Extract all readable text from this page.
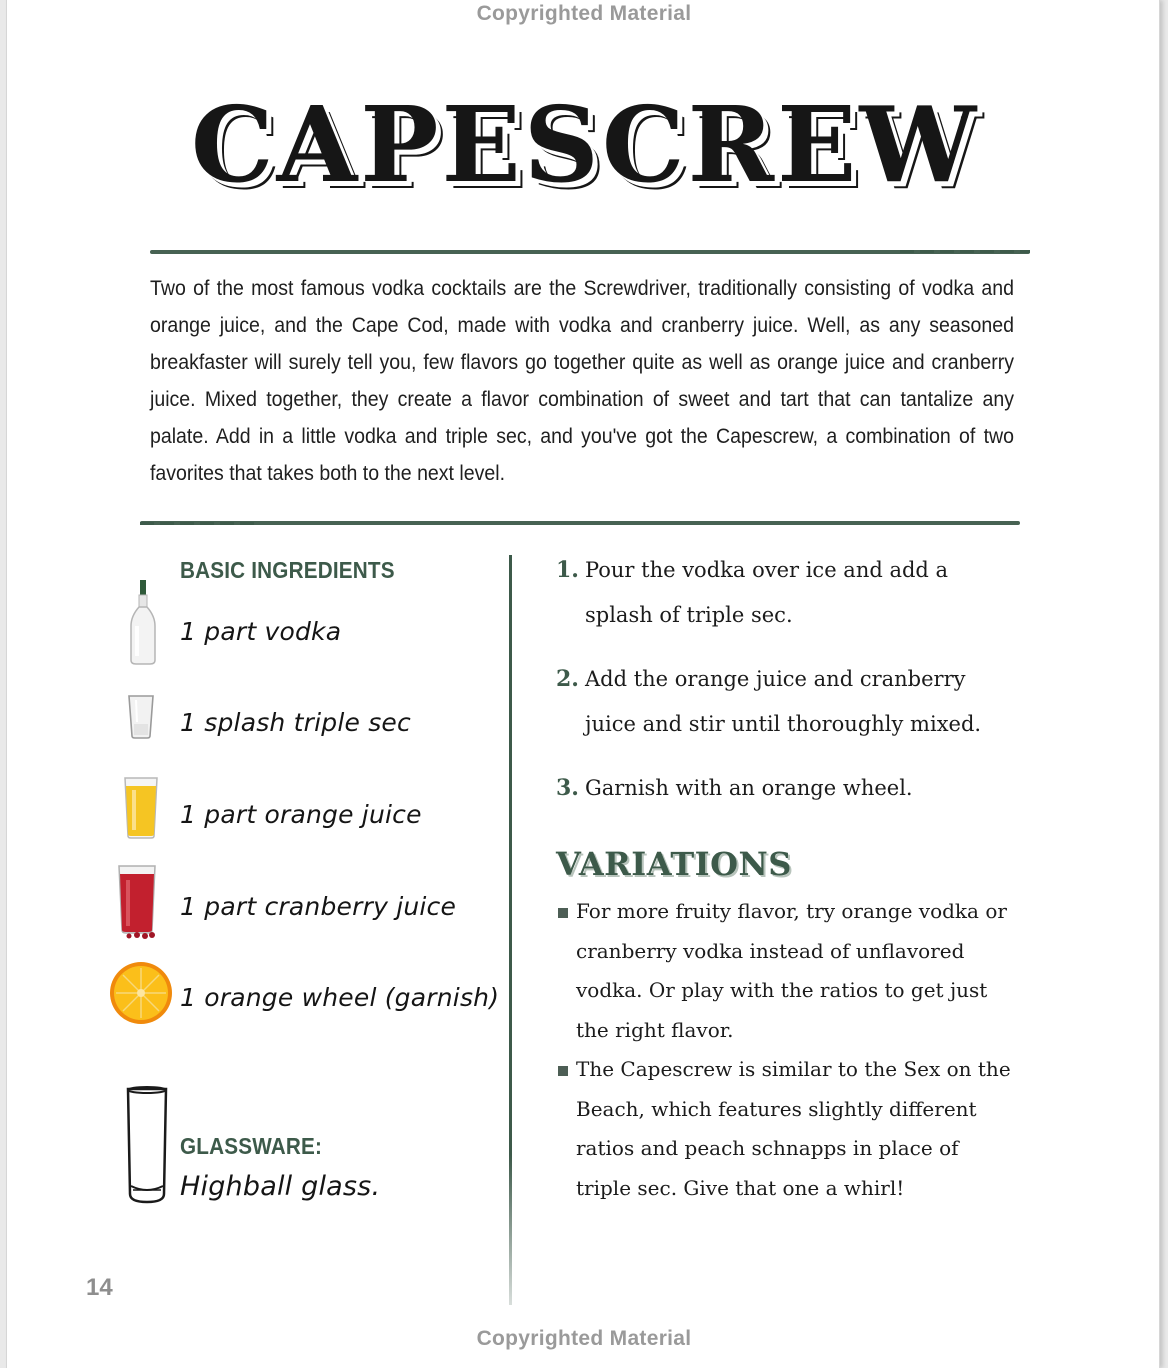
Copyrighted Material
CAPESCREW

Two of the most famous vodka cocktails are the Screwdriver, traditionally consisting of vodka and orange juice, and the Cape Cod, made with vodka and cranberry juice. Well, as any seasoned breakfaster will surely tell you, few flavors go together quite as well as orange juice and cranberry juice. Mixed together, they create a flavor combination of sweet and tart that can tantalize any palate. Add in a little vodka and triple sec, and you've got the Capescrew, a combination of two favorites that takes both to the next level.

BASIC INGREDIENTS
1 part vodka
1 splash triple sec
1 part orange juice
1 part cranberry juice
1 orange wheel (garnish)
GLASSWARE:
Highball glass.
1. Pour the vodka over ice and add a
splash of triple sec.
2. Add the orange juice and cranberry
juice and stir until thoroughly mixed.
3. Garnish with an orange wheel.
VARIATIONS

For more fruity flavor, try orange vodka or cranberry vodka instead of unflavored vodka. Or play with the ratios to get just the right flavor.

The Capescrew is similar to the Sex on the Beach, which features slightly different ratios and peach schnapps in place of triple sec. Give that one a whirl!

14
Copyrighted Material
